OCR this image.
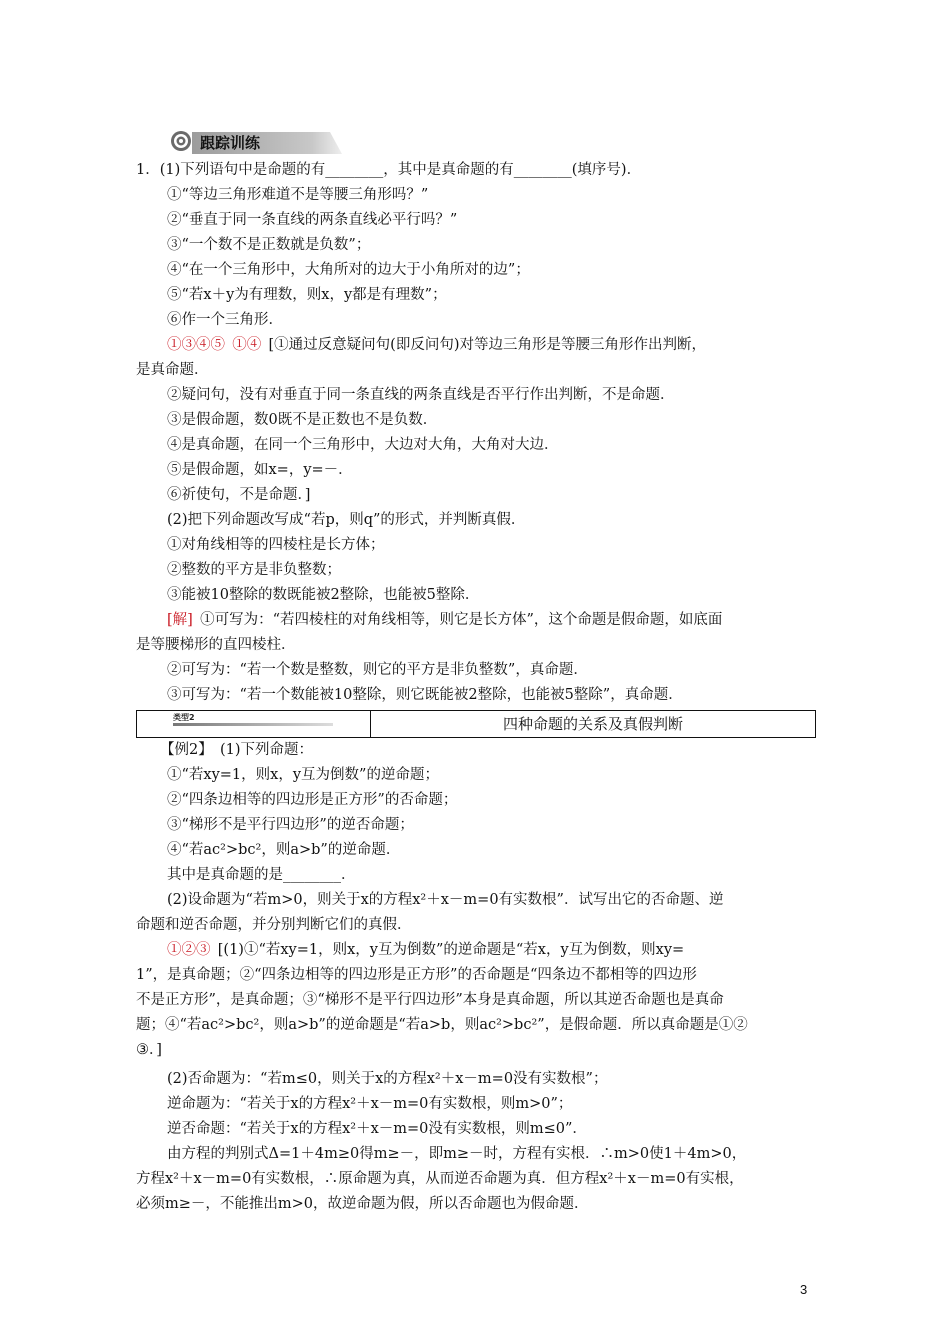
跟踪训练
1．(1)下列语句中是命题的有________，其中是真命题的有________(填序号)．
①“等边三角形难道不是等腰三角形吗？”
②“垂直于同一条直线的两条直线必平行吗？”
③“一个数不是正数就是负数”；
④“在一个三角形中，大角所对的边大于小角所对的边”；
⑤“若x＋y为有理数，则x，y都是有理数”；
⑥作一个三角形．
①③④⑤  ①④  [①通过反意疑问句(即反问句)对等边三角形是等腰三角形作出判断，
是真命题．
②疑问句，没有对垂直于同一条直线的两条直线是否平行作出判断，不是命题．
③是假命题，数0既不是正数也不是负数．
④是真命题，在同一个三角形中，大边对大角，大角对大边．
⑤是假命题，如x=，y=－．
⑥祈使句，不是命题．]
(2)把下列命题改写成“若p，则q”的形式，并判断真假．
①对角线相等的四棱柱是长方体；
②整数的平方是非负整数；
③能被10整除的数既能被2整除，也能被5整除．
[解]  ①可写为：“若四棱柱的对角线相等，则它是长方体”，这个命题是假命题，如底面
是等腰梯形的直四棱柱．
②可写为：“若一个数是整数，则它的平方是非负整数”，真命题．
③可写为：“若一个数能被10整除，则它既能被2整除，也能被5整除”，真命题．
类型2	四种命题的关系及真假判断
【例2】  (1)下列命题：
①“若xy=1，则x，y互为倒数”的逆命题；
②“四条边相等的四边形是正方形”的否命题；
③“梯形不是平行四边形”的逆否命题；
④“若ac²>bc²，则a>b”的逆命题．
其中是真命题的是________．
(2)设命题为“若m>0，则关于x的方程x²＋x－m=0有实数根”．试写出它的否命题、逆
命题和逆否命题，并分别判断它们的真假．
①②③  [(1)①“若xy=1，则x，y互为倒数”的逆命题是“若x，y互为倒数，则xy=
1”，是真命题；②“四条边相等的四边形是正方形”的否命题是“四条边不都相等的四边形
不是正方形”，是真命题；③“梯形不是平行四边形”本身是真命题，所以其逆否命题也是真命
题；④“若ac²>bc²，则a>b”的逆命题是“若a>b，则ac²>bc²”，是假命题．所以真命题是①②
③．]
(2)否命题为：“若m≤0，则关于x的方程x²＋x－m=0没有实数根”；
逆命题为：“若关于x的方程x²＋x－m=0有实数根，则m>0”；
逆否命题：“若关于x的方程x²＋x－m=0没有实数根，则m≤0”．
由方程的判别式Δ=1＋4m≥0得m≥－，即m≥－时，方程有实根．∴m>0使1＋4m>0，
方程x²＋x－m=0有实数根，∴原命题为真，从而逆否命题为真．但方程x²＋x－m=0有实根，
必须m≥－，不能推出m>0，故逆命题为假，所以否命题也为假命题．
3
